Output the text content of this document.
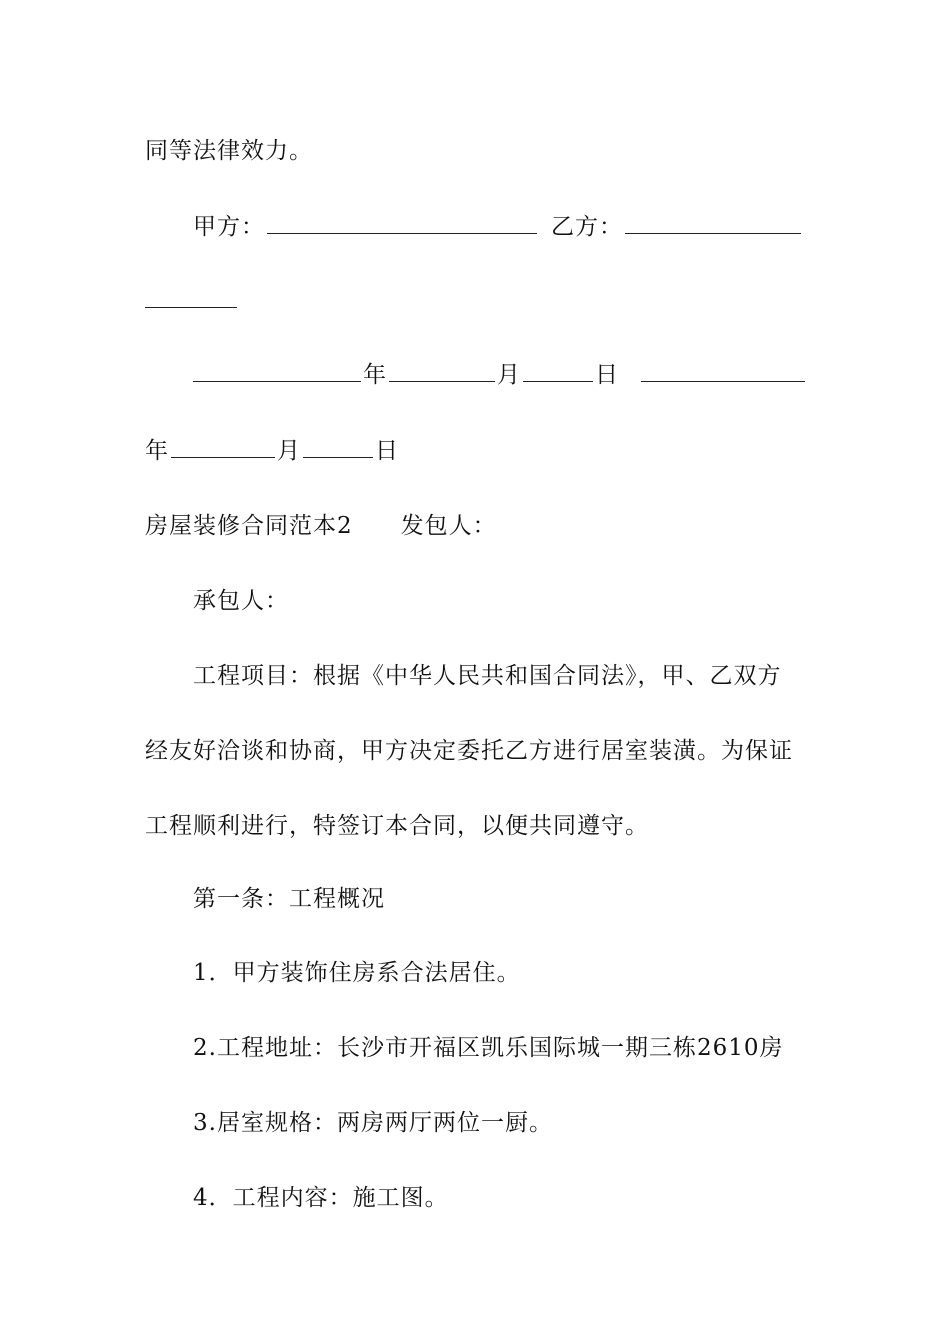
同等法律效力。
甲方：	乙方：
年	月	日
年	月	日
房屋装修合同范本2 发包人：
承包人：
工程项目：根据《中华人民共和国合同法》，甲、乙双方
经友好洽谈和协商，甲方决定委托乙方进行居室装潢。为保证
工程顺利进行，特签订本合同，以便共同遵守。
第一条：工程概况
1．甲方装饰住房系合法居住。
2.工程地址：长沙市开福区凯乐国际城一期三栋2610房
3.居室规格：两房两厅两位一厨。
4．工程内容：施工图。
